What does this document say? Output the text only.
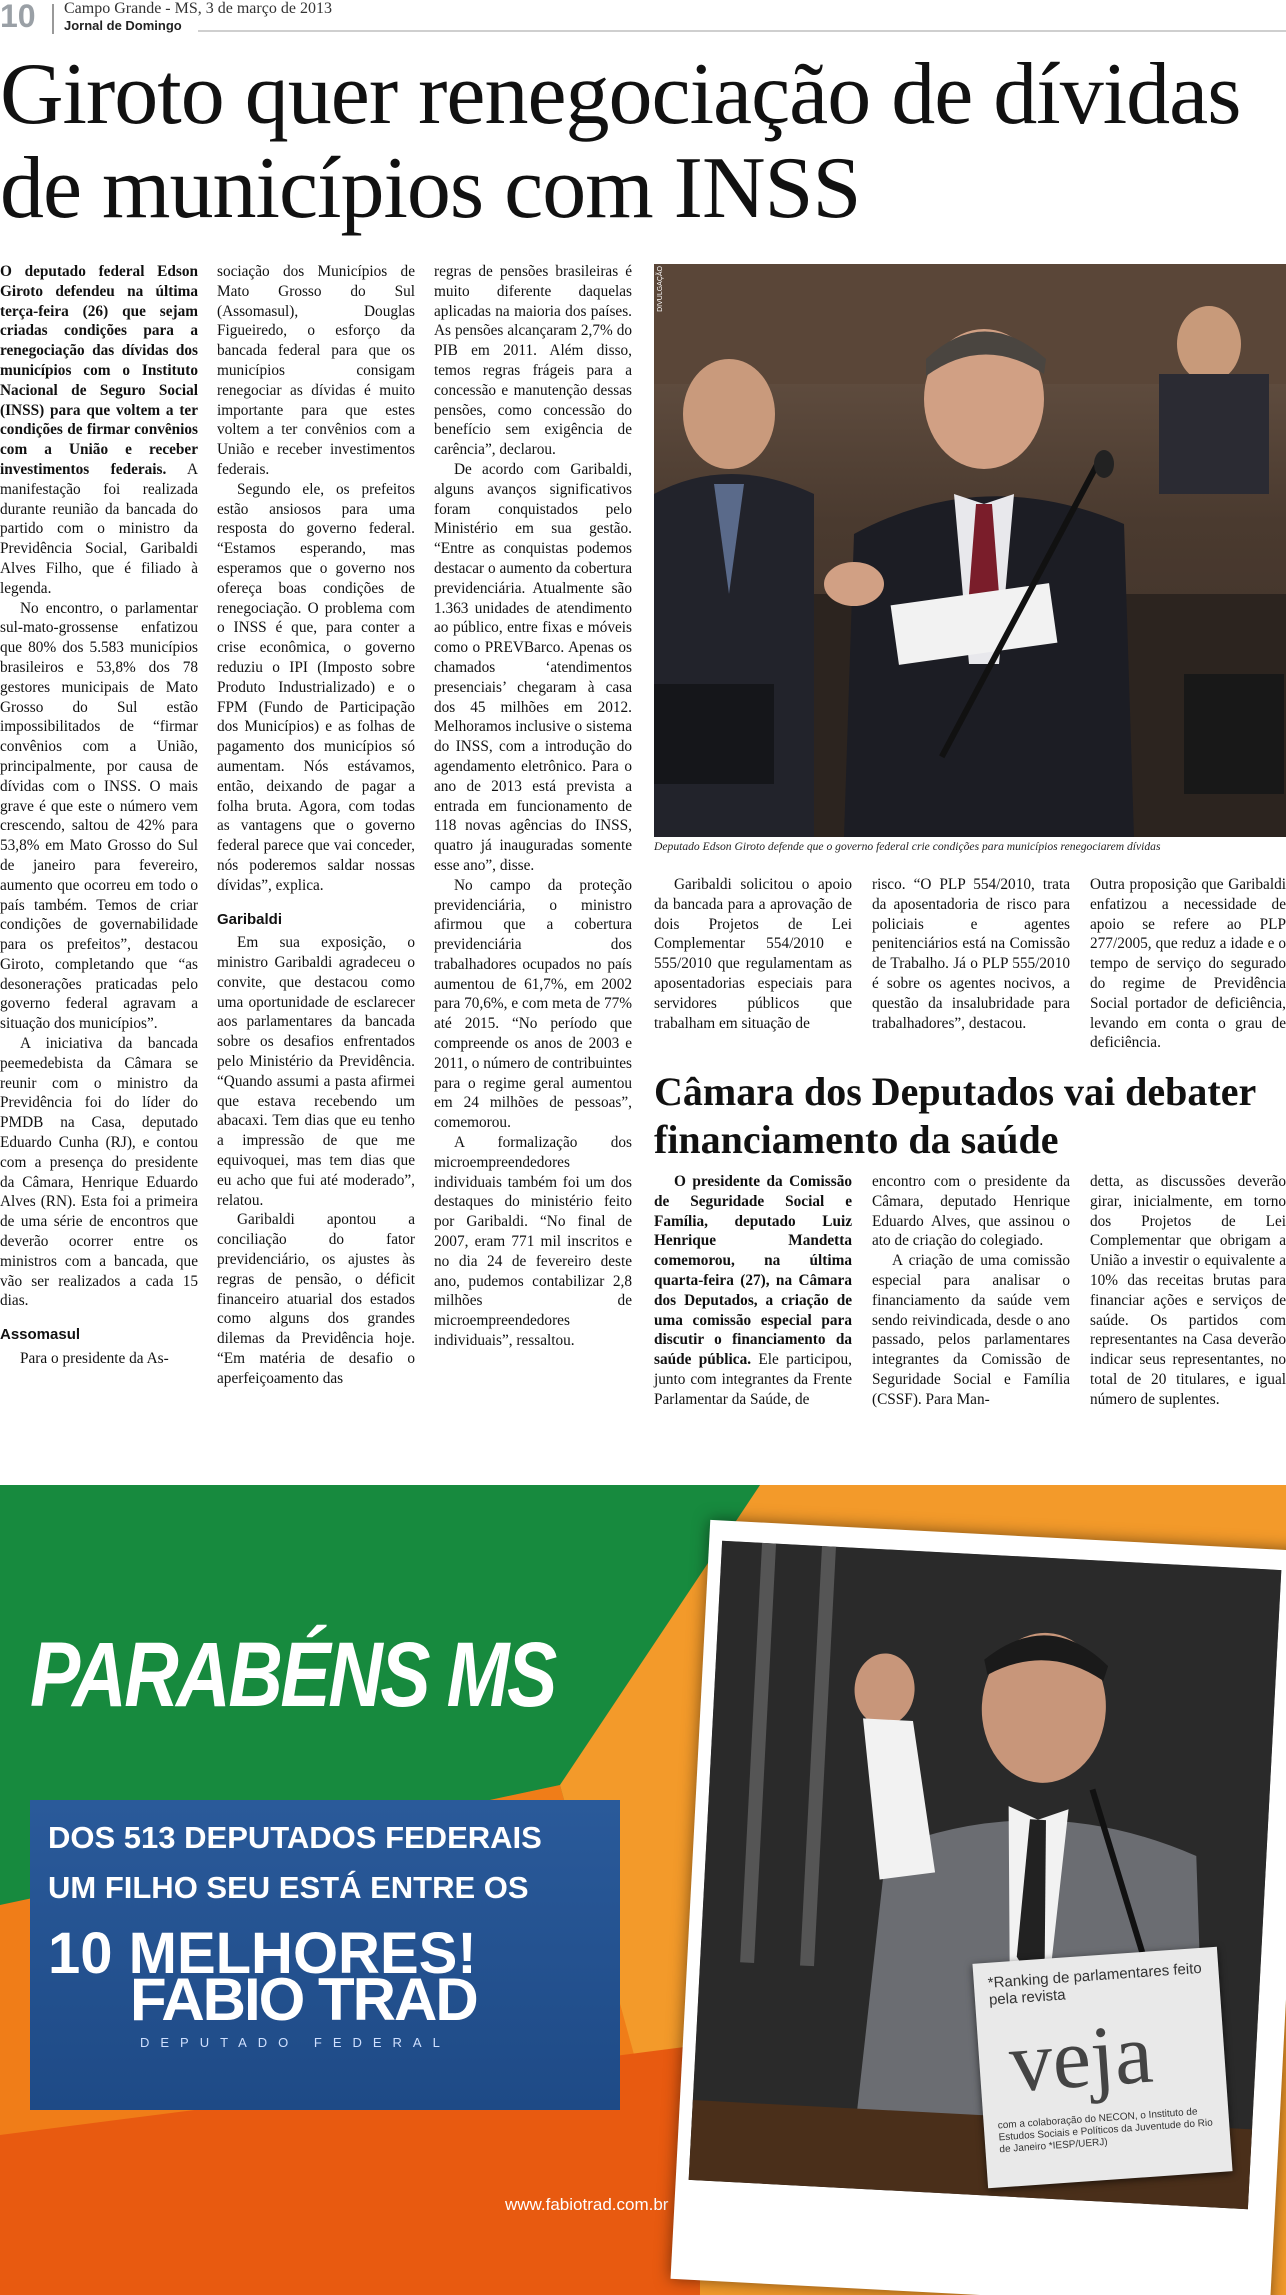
10 Campo Grande - MS, 3 de março de 2013
Jornal de Domingo
Giroto quer renegociação de dívidas de municípios com INSS

O deputado federal Edson Giroto defendeu na última terça-feira (26) que sejam criadas condições para a renegociação das dívidas dos municípios com o Instituto Nacional de Seguro Social (INSS) para que voltem a ter condições de firmar convênios com a União e receber investimentos federais. A manifestação foi realizada durante reunião da bancada do partido com o ministro da Previdência Social, Garibaldi Alves Filho, que é filiado à legenda.

No encontro, o parlamentar sul-mato-grossense enfatizou que 80% dos 5.583 municípios brasileiros e 53,8% dos 78 gestores municipais de Mato Grosso do Sul estão impossibilitados de “firmar convênios com a União, principalmente, por causa de dívidas com o INSS. O mais grave é que este o número vem crescendo, saltou de 42% para 53,8% em Mato Grosso do Sul de janeiro para fevereiro, aumento que ocorreu em todo o país também. Temos de criar condições de governabilidade para os prefeitos”, destacou Giroto, completando que “as desonerações praticadas pelo governo federal agravam a situação dos municípios”.

A iniciativa da bancada peemedebista da Câmara se reunir com o ministro da Previdência foi do líder do PMDB na Casa, deputado Eduardo Cunha (RJ), e contou com a presença do presidente da Câmara, Henrique Eduardo Alves (RN). Esta foi a primeira de uma série de encontros que deverão ocorrer entre os ministros com a bancada, que vão ser realizados a cada 15 dias.

Assomasul

Para o presidente da As-

sociação dos Municípios de Mato Grosso do Sul (Assomasul), Douglas Figueiredo, o esforço da bancada federal para que os municípios consigam renegociar as dívidas é muito importante para que estes voltem a ter convênios com a União e receber investimentos federais.

Segundo ele, os prefeitos estão ansiosos para uma resposta do governo federal. “Estamos esperando, mas esperamos que o governo nos ofereça boas condições de renegociação. O problema com o INSS é que, para conter a crise econômica, o governo reduziu o IPI (Imposto sobre Produto Industrializado) e o FPM (Fundo de Participação dos Municípios) e as folhas de pagamento dos municípios só aumentam. Nós estávamos, então, deixando de pagar a folha bruta. Agora, com todas as vantagens que o governo federal parece que vai conceder, nós poderemos saldar nossas dívidas”, explica.

Garibaldi

Em sua exposição, o ministro Garibaldi agradeceu o convite, que destacou como uma oportunidade de esclarecer aos parlamentares da bancada sobre os desafios enfrentados pelo Ministério da Previdência. “Quando assumi a pasta afirmei que estava recebendo um abacaxi. Tem dias que eu tenho a impressão de que me equivoquei, mas tem dias que eu acho que fui até moderado”, relatou.

Garibaldi apontou a conciliação do fator previdenciário, os ajustes às regras de pensão, o déficit financeiro atuarial dos estados como alguns dos grandes dilemas da Previdência hoje. “Em matéria de desafio o aperfeiçoamento das

regras de pensões brasileiras é muito diferente daquelas aplicadas na maioria dos países. As pensões alcançaram 2,7% do PIB em 2011. Além disso, temos regras frágeis para a concessão e manutenção dessas pensões, como concessão do benefício sem exigência de carência”, declarou.

De acordo com Garibaldi, alguns avanços significativos foram conquistados pelo Ministério em sua gestão. “Entre as conquistas podemos destacar o aumento da cobertura previdenciária. Atualmente são 1.363 unidades de atendimento ao público, entre fixas e móveis como o PREVBarco. Apenas os chamados ‘atendimentos presenciais’ chegaram à casa dos 45 milhões em 2012. Melhoramos inclusive o sistema do INSS, com a introdução do agendamento eletrônico. Para o ano de 2013 está prevista a entrada em funcionamento de 118 novas agências do INSS, quatro já inauguradas somente esse ano”, disse.

No campo da proteção previdenciária, o ministro afirmou que a cobertura previdenciária dos trabalhadores ocupados no país aumentou de 61,7%, em 2002 para 70,6%, e com meta de 77% até 2015. “No período que compreende os anos de 2003 e 2011, o número de contribuintes para o regime geral aumentou em 24 milhões de pessoas”, comemorou.

A formalização dos microempreendedores individuais também foi um dos destaques do ministério feito por Garibaldi. “No final de 2007, eram 771 mil inscritos e no dia 24 de fevereiro deste ano, pudemos contabilizar 2,8 milhões de microempreendedores individuais”, ressaltou.

DIVULGAÇÃO
Deputado Edson Giroto defende que o governo federal crie condições para municípios renegociarem dívidas

Garibaldi solicitou o apoio da bancada para a aprovação de dois Projetos de Lei Complementar 554/2010 e 555/2010 que regulamentam as aposentadorias especiais para servidores públicos que trabalham em situação de

risco. “O PLP 554/2010, trata da aposentadoria de risco para policiais e agentes penitenciários está na Comissão de Trabalho. Já o PLP 555/2010 é sobre os agentes nocivos, a questão da insalubridade para trabalhadores”, destacou.

Outra proposição que Garibaldi enfatizou a necessidade de apoio se refere ao PLP 277/2005, que reduz a idade e o tempo de serviço do segurado do regime de Previdência Social portador de deficiência, levando em conta o grau de deficiência.

Câmara dos Deputados vai debater financiamento da saúde

O presidente da Comissão de Seguridade Social e Família, deputado Luiz Henrique Mandetta comemorou, na última quarta-feira (27), na Câmara dos Deputados, a criação de uma comissão especial para discutir o financiamento da saúde pública. Ele participou, junto com integrantes da Frente Parlamentar da Saúde, de

encontro com o presidente da Câmara, deputado Henrique Eduardo Alves, que assinou o ato de criação do colegiado.

A criação de uma comissão especial para analisar o financiamento da saúde vem sendo reivindicada, desde o ano passado, pelos parlamentares integrantes da Comissão de Seguridade Social e Família (CSSF). Para Man-

detta, as discussões deverão girar, inicialmente, em torno dos Projetos de Lei Complementar que obrigam a União a investir o equivalente a 10% das receitas brutas para financiar ações e serviços de saúde. Os partidos com representantes na Casa deverão indicar seus representantes, no total de 20 titulares, e igual número de suplentes.

PARABÉNS MS
DOS 513 DEPUTADOS FEDERAIS
UM FILHO SEU ESTÁ ENTRE OS
10 MELHORES!
FABIO TRAD
DEPUTADO FEDERAL
www.fabiotrad.com.br
*Ranking de parlamentares feito pela revista
veja
com a colaboração do NECON, o Instituto de Estudos Sociais e Políticos da Juventude do Rio de Janeiro *IESP/UERJ)
